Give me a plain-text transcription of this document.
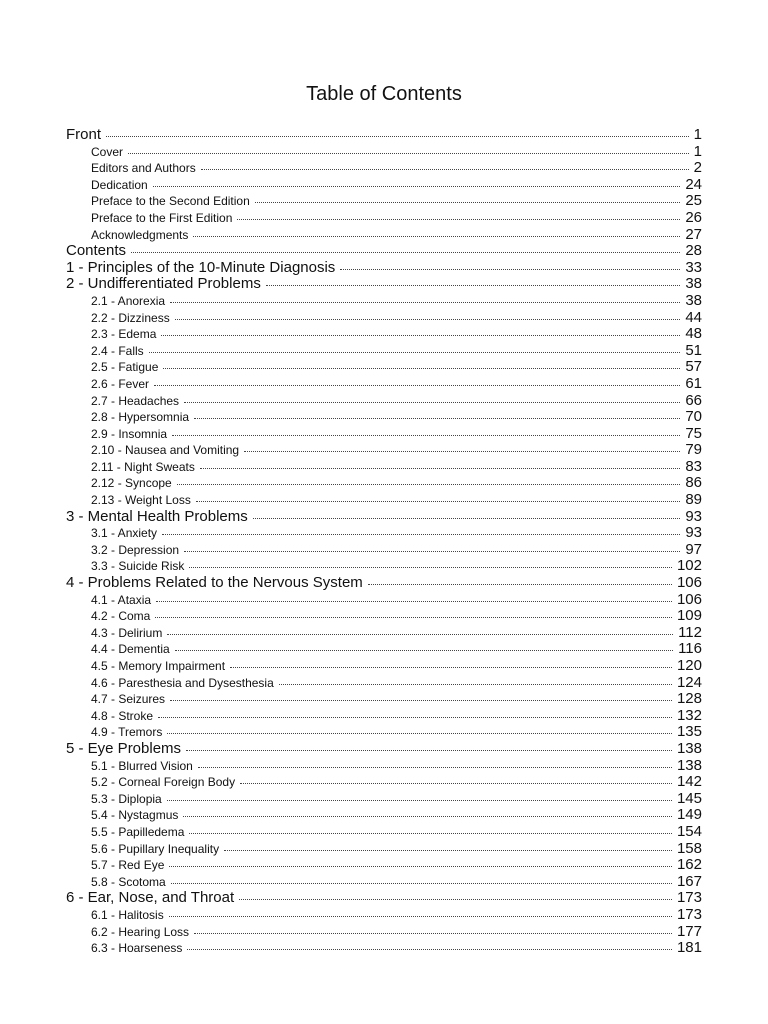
Table of Contents
Front	1
Cover	1
Editors and Authors	2
Dedication	24
Preface to the Second Edition	25
Preface to the First Edition	26
Acknowledgments	27
Contents	28
1 - Principles of the 10-Minute Diagnosis	33
2 - Undifferentiated Problems	38
2.1 - Anorexia	38
2.2 - Dizziness	44
2.3 - Edema	48
2.4 - Falls	51
2.5 - Fatigue	57
2.6 - Fever	61
2.7 - Headaches	66
2.8 - Hypersomnia	70
2.9 - Insomnia	75
2.10 - Nausea and Vomiting	79
2.11 - Night Sweats	83
2.12 - Syncope	86
2.13 - Weight Loss	89
3 - Mental Health Problems	93
3.1 - Anxiety	93
3.2 - Depression	97
3.3 - Suicide Risk	102
4 - Problems Related to the Nervous System	106
4.1 - Ataxia	106
4.2 - Coma	109
4.3 - Delirium	112
4.4 - Dementia	116
4.5 - Memory Impairment	120
4.6 - Paresthesia and Dysesthesia	124
4.7 - Seizures	128
4.8 - Stroke	132
4.9 - Tremors	135
5 - Eye Problems	138
5.1 - Blurred Vision	138
5.2 - Corneal Foreign Body	142
5.3 - Diplopia	145
5.4 - Nystagmus	149
5.5 - Papilledema	154
5.6 - Pupillary Inequality	158
5.7 - Red Eye	162
5.8 - Scotoma	167
6 - Ear, Nose, and Throat	173
6.1 - Halitosis	173
6.2 - Hearing Loss	177
6.3 - Hoarseness	181
